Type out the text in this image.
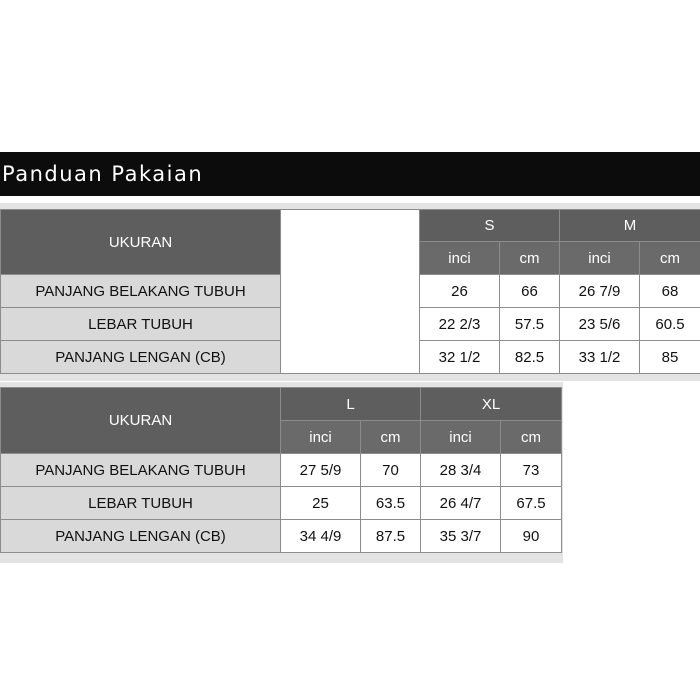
Panduan Pakaian
UKURAN		S		M	
		inci	cm	inci	cm
PANJANG BELAKANG TUBUH		26	66	26 7/9	68
LEBAR TUBUH		22 2/3	57.5	23 5/6	60.5
PANJANG LENGAN (CB)		32 1/2	82.5	33 1/2	85
UKURAN	L		XL	
	inci	cm	inci	cm
PANJANG BELAKANG TUBUH	27 5/9	70	28 3/4	73
LEBAR TUBUH	25	63.5	26 4/7	67.5
PANJANG LENGAN (CB)	34 4/9	87.5	35 3/7	90
